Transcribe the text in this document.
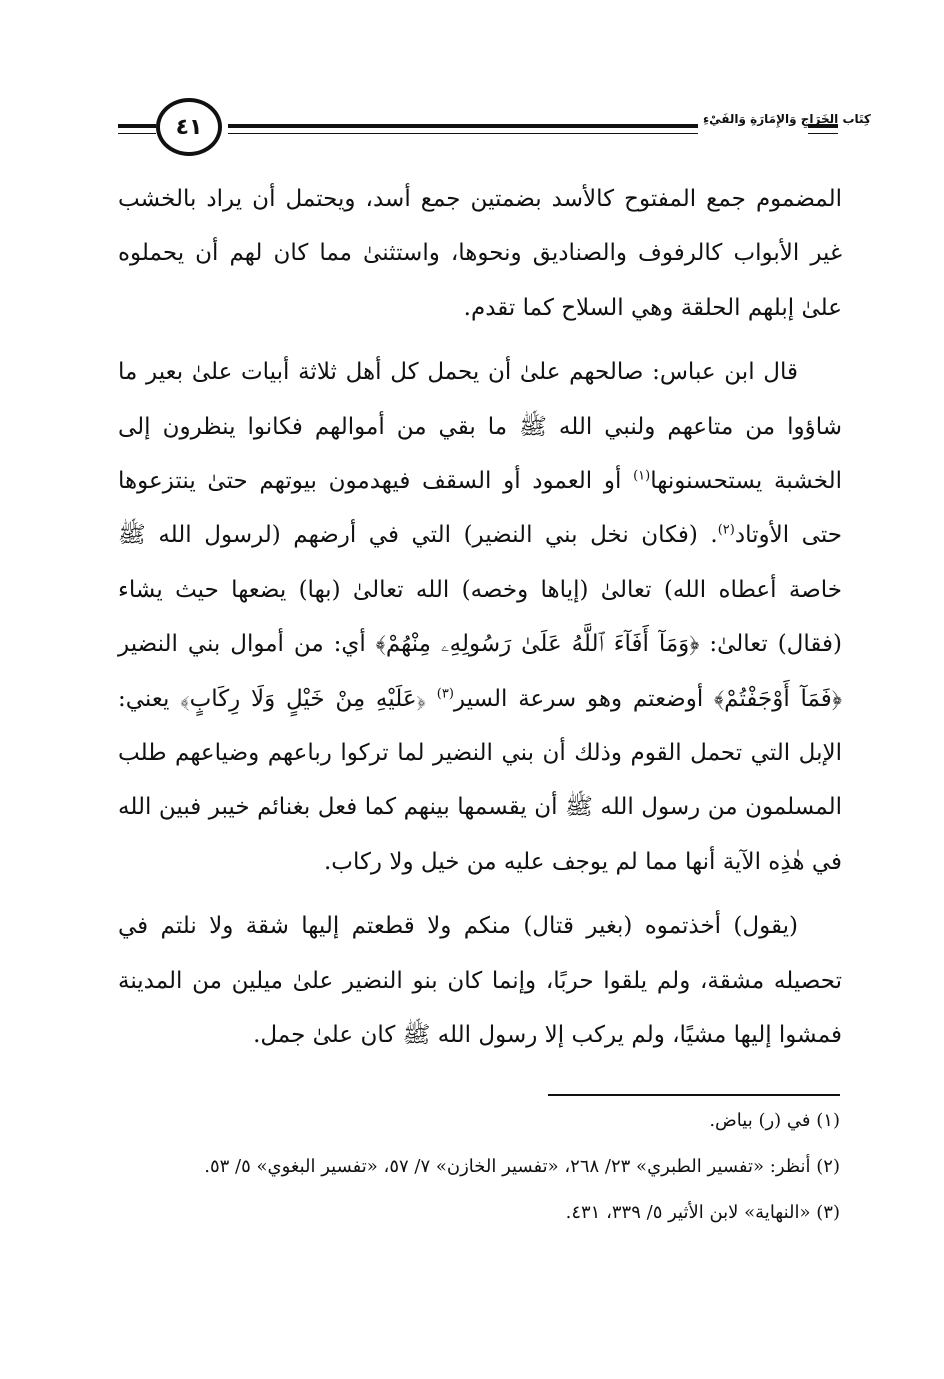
٤١	كِتَاب الخَرَاجِ وَالإِمَارَةِ وَالفَيْءِ

المضموم جمع المفتوح كالأسد بضمتين جمع أسد، ويحتمل أن يراد بالخشب غير الأبواب كالرفوف والصناديق ونحوها، واستثنىٰ مما كان لهم أن يحملوه علىٰ إبلهم الحلقة وهي السلاح كما تقدم.

قال ابن عباس: صالحهم علىٰ أن يحمل كل أهل ثلاثة أبيات علىٰ بعير ما شاؤوا من متاعهم ولنبي الله ﷺ ما بقي من أموالهم فكانوا ينظرون إلى الخشبة يستحسنونها$^{(١)}$ أو العمود أو السقف فيهدمون بيوتهم حتىٰ ينتزعوها حتى الأوتاد$^{(٢)}$. (فكان نخل بني النضير) التي في أرضهم (لرسول الله ﷺ خاصة أعطاه الله) تعالىٰ (إياها وخصه) الله تعالىٰ (بها) يضعها حيث يشاء (فقال) تعالىٰ: ﴿وَمَآ أَفَآءَ ٱللَّهُ عَلَىٰ رَسُولِهِۦ مِنْهُمْ﴾ أي: من أموال بني النضير ﴿فَمَآ أَوْجَفْتُمْ﴾ أوضعتم وهو سرعة السير$^{(٣)}$ ﴿عَلَيْهِ مِنْ خَيْلٍ وَلَا رِكَابٍ﴾ يعني: الإبل التي تحمل القوم وذلك أن بني النضير لما تركوا رباعهم وضياعهم طلب المسلمون من رسول الله ﷺ أن يقسمها بينهم كما فعل بغنائم خيبر فبين الله في هٰذِه الآية أنها مما لم يوجف عليه من خيل ولا ركاب.

(يقول) أخذتموه (بغير قتال) منكم ولا قطعتم إليها شقة ولا نلتم في تحصيله مشقة، ولم يلقوا حربًا، وإنما كان بنو النضير علىٰ ميلين من المدينة فمشوا إليها مشيًا، ولم يركب إلا رسول الله ﷺ كان علىٰ جمل.

(١) في (ر) بياض.

(٢) أنظر: «تفسير الطبري» ٢٣/ ٢٦٨، «تفسير الخازن» ٧/ ٥٧، «تفسير البغوي» ٥/ ٥٣.

(٣) «النهاية» لابن الأثير ٥/ ٣٣٩، ٤٣١.
